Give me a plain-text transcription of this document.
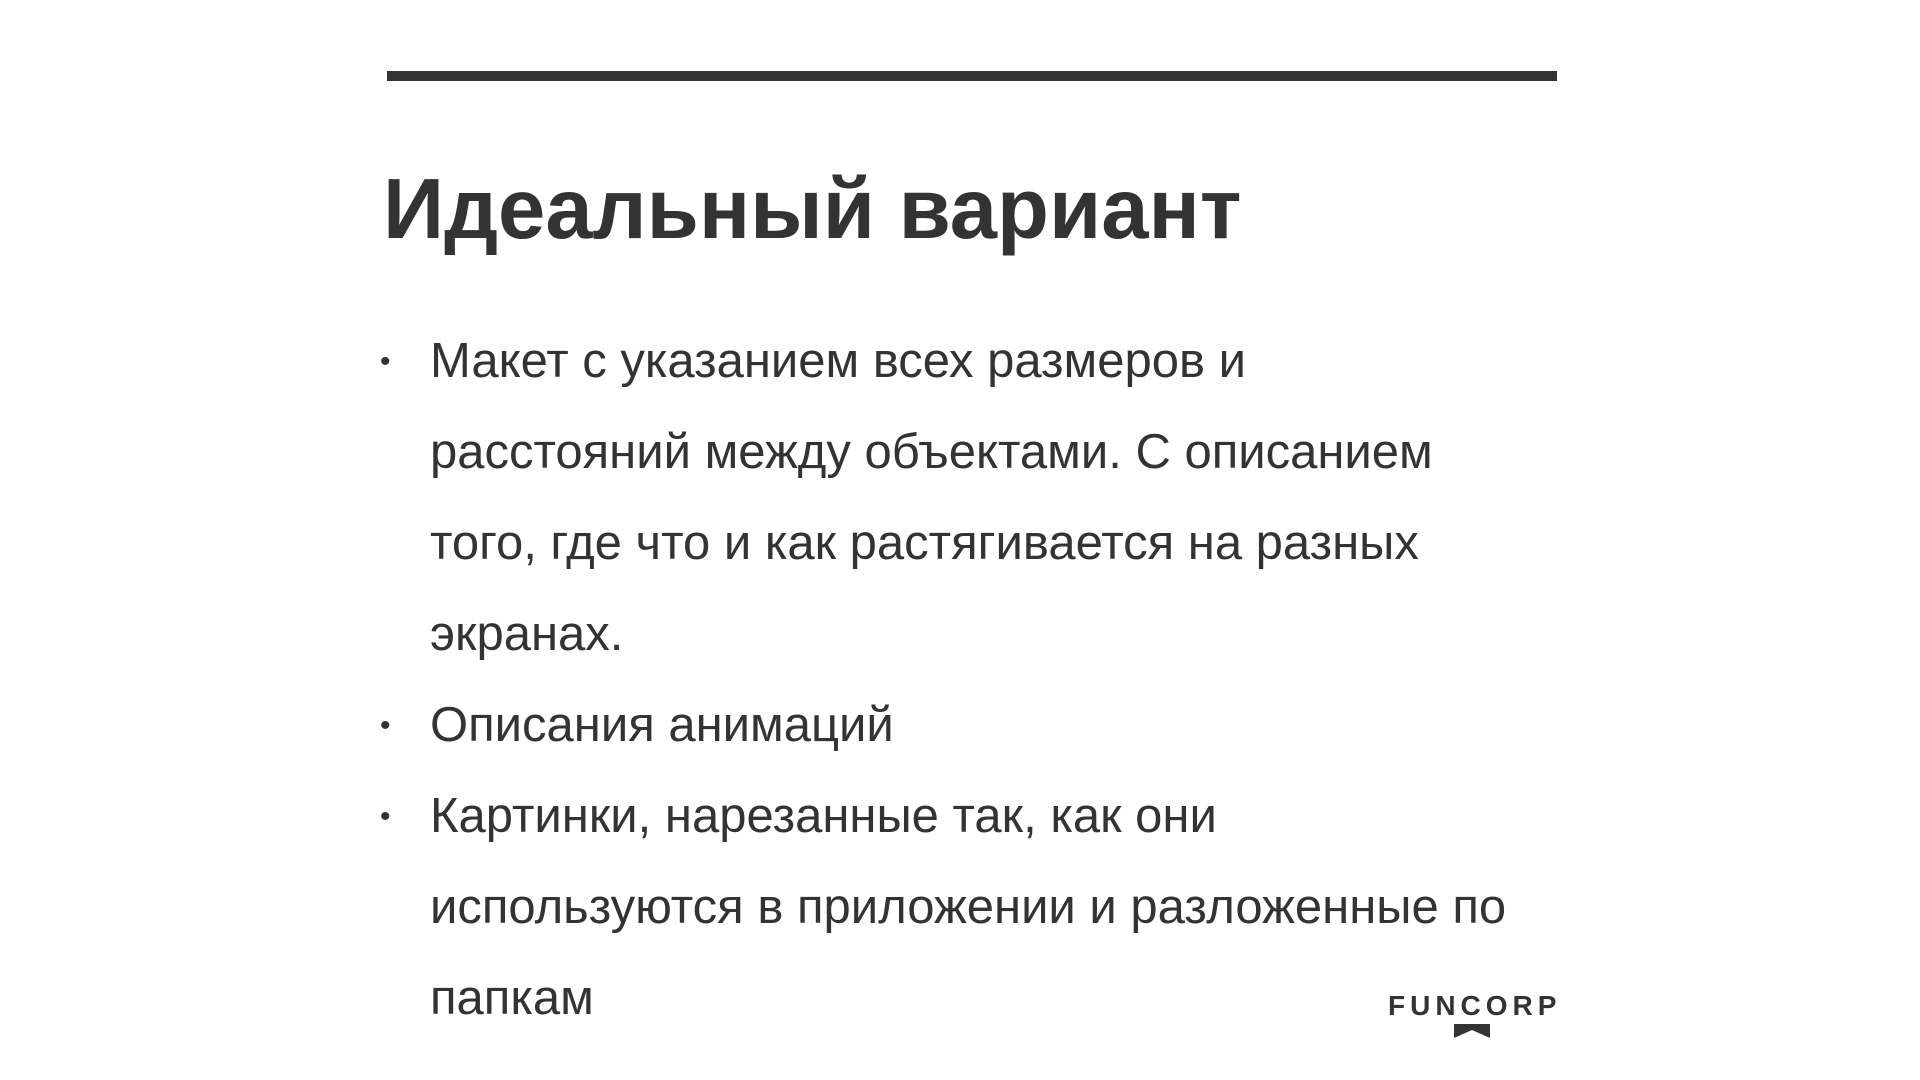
Идеальный вариант
• Макет с указанием всех размеров и
расстояний между объектами. С описанием
того, где что и как растягивается на разных
экранах.
• Описания анимаций
• Картинки, нарезанные так, как они
используются в приложении и разложенные по
папкам	FUNCORP
